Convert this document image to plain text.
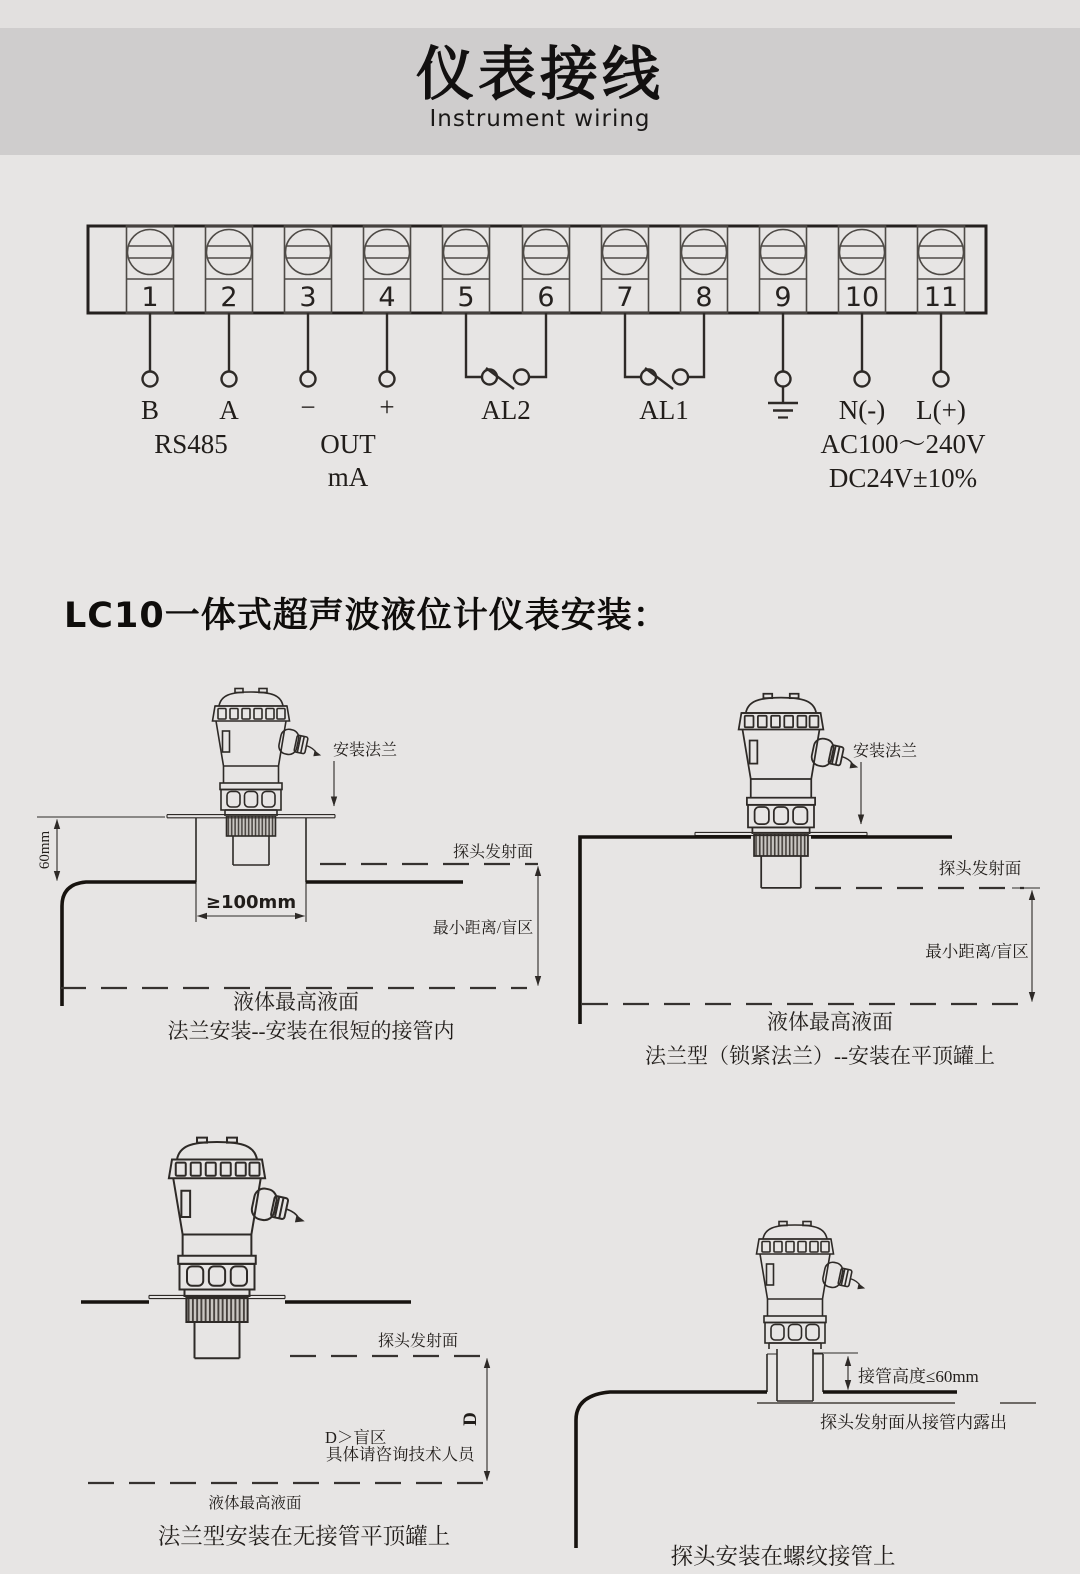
仪表接线
Instrument wiring
LC10一体式超声波液位计仪表安装：
1 2 3 4 5 6 7 8 9 10 11
B A − +	AL2	AL1	N(-) L(+)
RS485	OUT
mA
AC100～240V
DC24V±10%
60mm
≥100mm
探头发射面
最小距离/盲区
液体最高液面
安装法兰
法兰安装--安装在很短的接管内
探头发射面
最小距离/盲区
液体最高液面
安装法兰
法兰型（锁紧法兰）--安装在平顶罐上
探头发射面
D
D＞盲区
具体请咨询技术人员
液体最高液面
法兰型安装在无接管平顶罐上
接管高度≤60mm
探头发射面从接管内露出
探头安装在螺纹接管上
